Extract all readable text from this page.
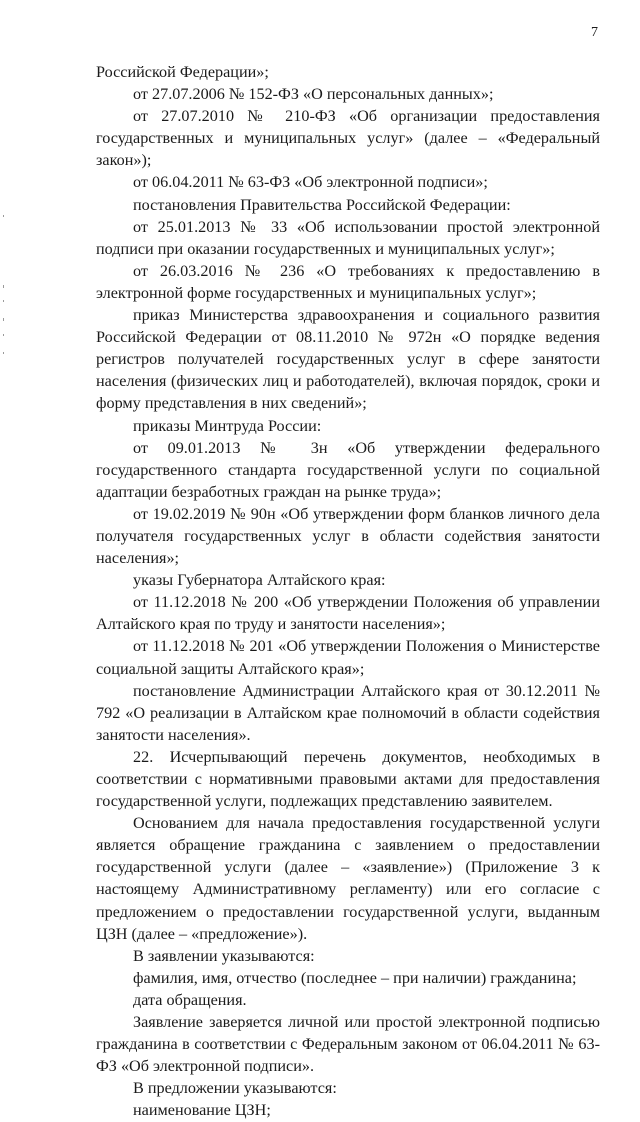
7

Российской Федерации»;

от 27.07.2006 № 152-ФЗ «О персональных данных»;

от 27.07.2010 № 210-ФЗ «Об организации предоставления государственных и муниципальных услуг» (далее – «Федеральный закон»);

от 06.04.2011 № 63-ФЗ «Об электронной подписи»;

постановления Правительства Российской Федерации:

от 25.01.2013 № 33 «Об использовании простой электронной подписи при оказании государственных и муниципальных услуг»;

от 26.03.2016 № 236 «О требованиях к предоставлению в электронной форме государственных и муниципальных услуг»;

приказ Министерства здравоохранения и социального развития Российской Федерации от 08.11.2010 № 972н «О порядке ведения регистров получателей государственных услуг в сфере занятости населения (физических лиц и работодателей), включая порядок, сроки и форму представления в них сведений»;

приказы Минтруда России:

от 09.01.2013 № 3н «Об утверждении федерального государственного стандарта государственной услуги по социальной адаптации безработных граждан на рынке труда»;

от 19.02.2019 № 90н «Об утверждении форм бланков личного дела получателя государственных услуг в области содействия занятости населения»;

указы Губернатора Алтайского края:

от 11.12.2018 № 200 «Об утверждении Положения об управлении Алтайского края по труду и занятости населения»;

от 11.12.2018 № 201 «Об утверждении Положения о Министерстве социальной защиты Алтайского края»;

постановление Администрации Алтайского края от 30.12.2011 № 792 «О реализации в Алтайском крае полномочий в области содействия занятости населения».

22. Исчерпывающий перечень документов, необходимых в соответствии с нормативными правовыми актами для предоставления государственной услуги, подлежащих представлению заявителем.

Основанием для начала предоставления государственной услуги является обращение гражданина с заявлением о предоставлении государственной услуги (далее – «заявление») (Приложение 3 к настоящему Административному регламенту) или его согласие с предложением о предоставлении государственной услуги, выданным ЦЗН (далее – «предложение»).

В заявлении указываются:

фамилия, имя, отчество (последнее – при наличии) гражданина;

дата обращения.

Заявление заверяется личной или простой электронной подписью гражданина в соответствии с Федеральным законом от 06.04.2011 № 63-ФЗ «Об электронной подписи».

В предложении указываются:

наименование ЦЗН;
